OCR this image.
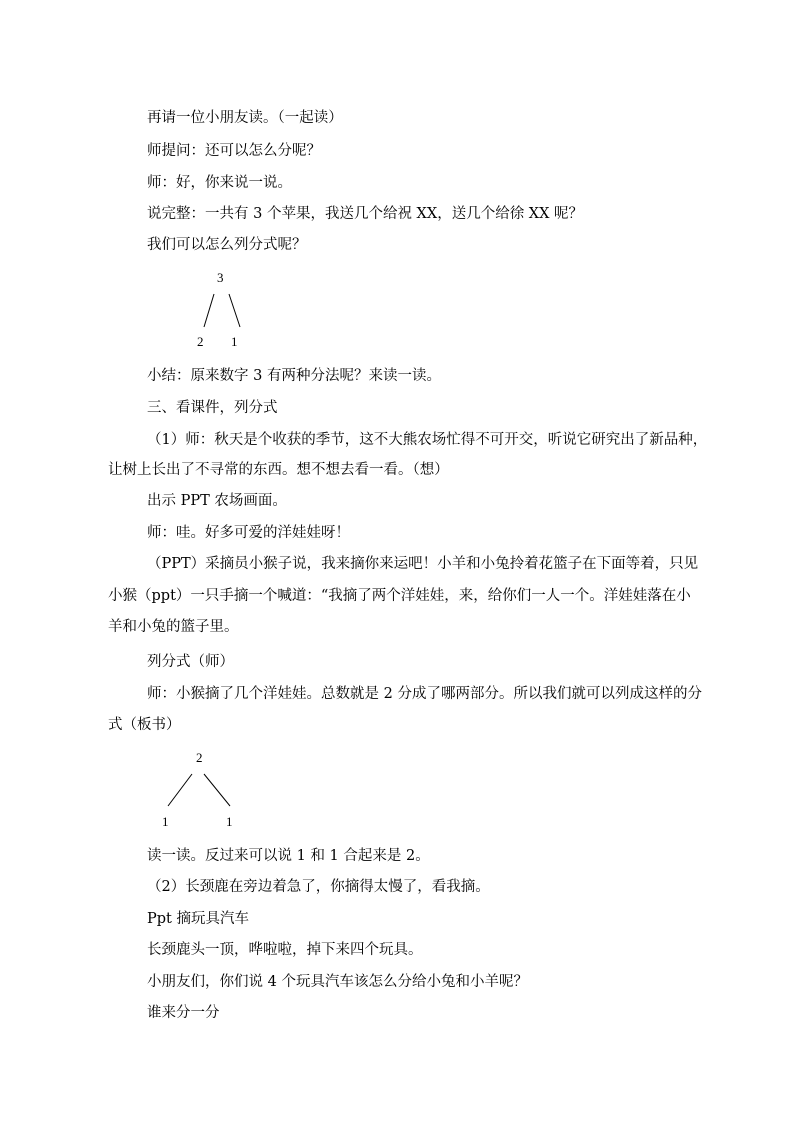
再请一位小朋友读。（一起读）
师提问：还可以怎么分呢？
师：好，你来说一说。
说完整：一共有 3 个苹果，我送几个给祝 XX，送几个给徐 XX 呢？
我们可以怎么列分式呢？
3
2 1
小结：原来数字 3 有两种分法呢？来读一读。
三、看课件，列分式
（1）师：秋天是个收获的季节，这不大熊农场忙得不可开交，听说它研究出了新品种，
让树上长出了不寻常的东西。想不想去看一看。（想）
出示 PPT 农场画面。
师：哇。好多可爱的洋娃娃呀！
（PPT）采摘员小猴子说，我来摘你来运吧！小羊和小兔拎着花篮子在下面等着，只见
小猴（ppt）一只手摘一个喊道：“我摘了两个洋娃娃，来，给你们一人一个。洋娃娃落在小
羊和小兔的篮子里。
列分式（师）
师：小猴摘了几个洋娃娃。总数就是 2 分成了哪两部分。所以我们就可以列成这样的分
式（板书）
2
1	1
读一读。反过来可以说 1 和 1 合起来是 2。
（2）长颈鹿在旁边着急了，你摘得太慢了，看我摘。
Ppt 摘玩具汽车
长颈鹿头一顶，哗啦啦，掉下来四个玩具。
小朋友们，你们说 4 个玩具汽车该怎么分给小兔和小羊呢？
谁来分一分
